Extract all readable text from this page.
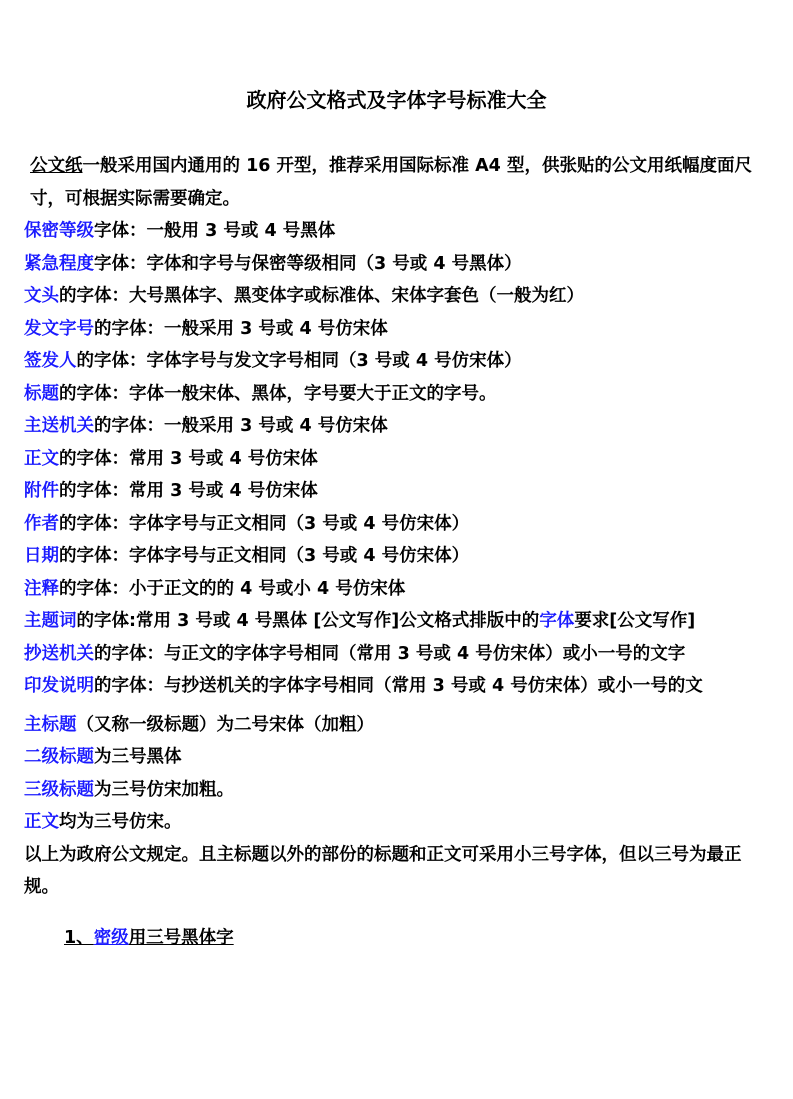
政府公文格式及字体字号标准大全
公文纸一般采用国内通用的 16 开型，推荐采用国际标准 A4 型，供张贴的公文用纸幅度面尺寸，可根据实际需要确定。
保密等级字体：一般用 3 号或 4 号黑体
紧急程度字体：字体和字号与保密等级相同（3 号或 4 号黑体）
文头的字体：大号黑体字、黑变体字或标准体、宋体字套色（一般为红）
发文字号的字体：一般采用 3 号或 4 号仿宋体
签发人的字体：字体字号与发文字号相同（3 号或 4 号仿宋体）
标题的字体：字体一般宋体、黑体，字号要大于正文的字号。
主送机关的字体：一般采用 3 号或 4 号仿宋体
正文的字体：常用 3 号或 4 号仿宋体
附件的字体：常用 3 号或 4 号仿宋体
作者的字体：字体字号与正文相同（3 号或 4 号仿宋体）
日期的字体：字体字号与正文相同（3 号或 4 号仿宋体）
注释的字体：小于正文的的 4 号或小 4 号仿宋体
主题词的字体:常用 3 号或 4 号黑体 [公文写作]公文格式排版中的字体要求[公文写作]
抄送机关的字体：与正文的字体字号相同（常用 3 号或 4 号仿宋体）或小一号的文字
印发说明的字体：与抄送机关的字体字号相同（常用 3 号或 4 号仿宋体）或小一号的文
主标题（又称一级标题）为二号宋体（加粗）
二级标题为三号黑体
三级标题为三号仿宋加粗。
正文均为三号仿宋。
以上为政府公文规定。且主标题以外的部份的标题和正文可采用小三号字体，但以三号为最正规。
1、密级用三号黑体字
